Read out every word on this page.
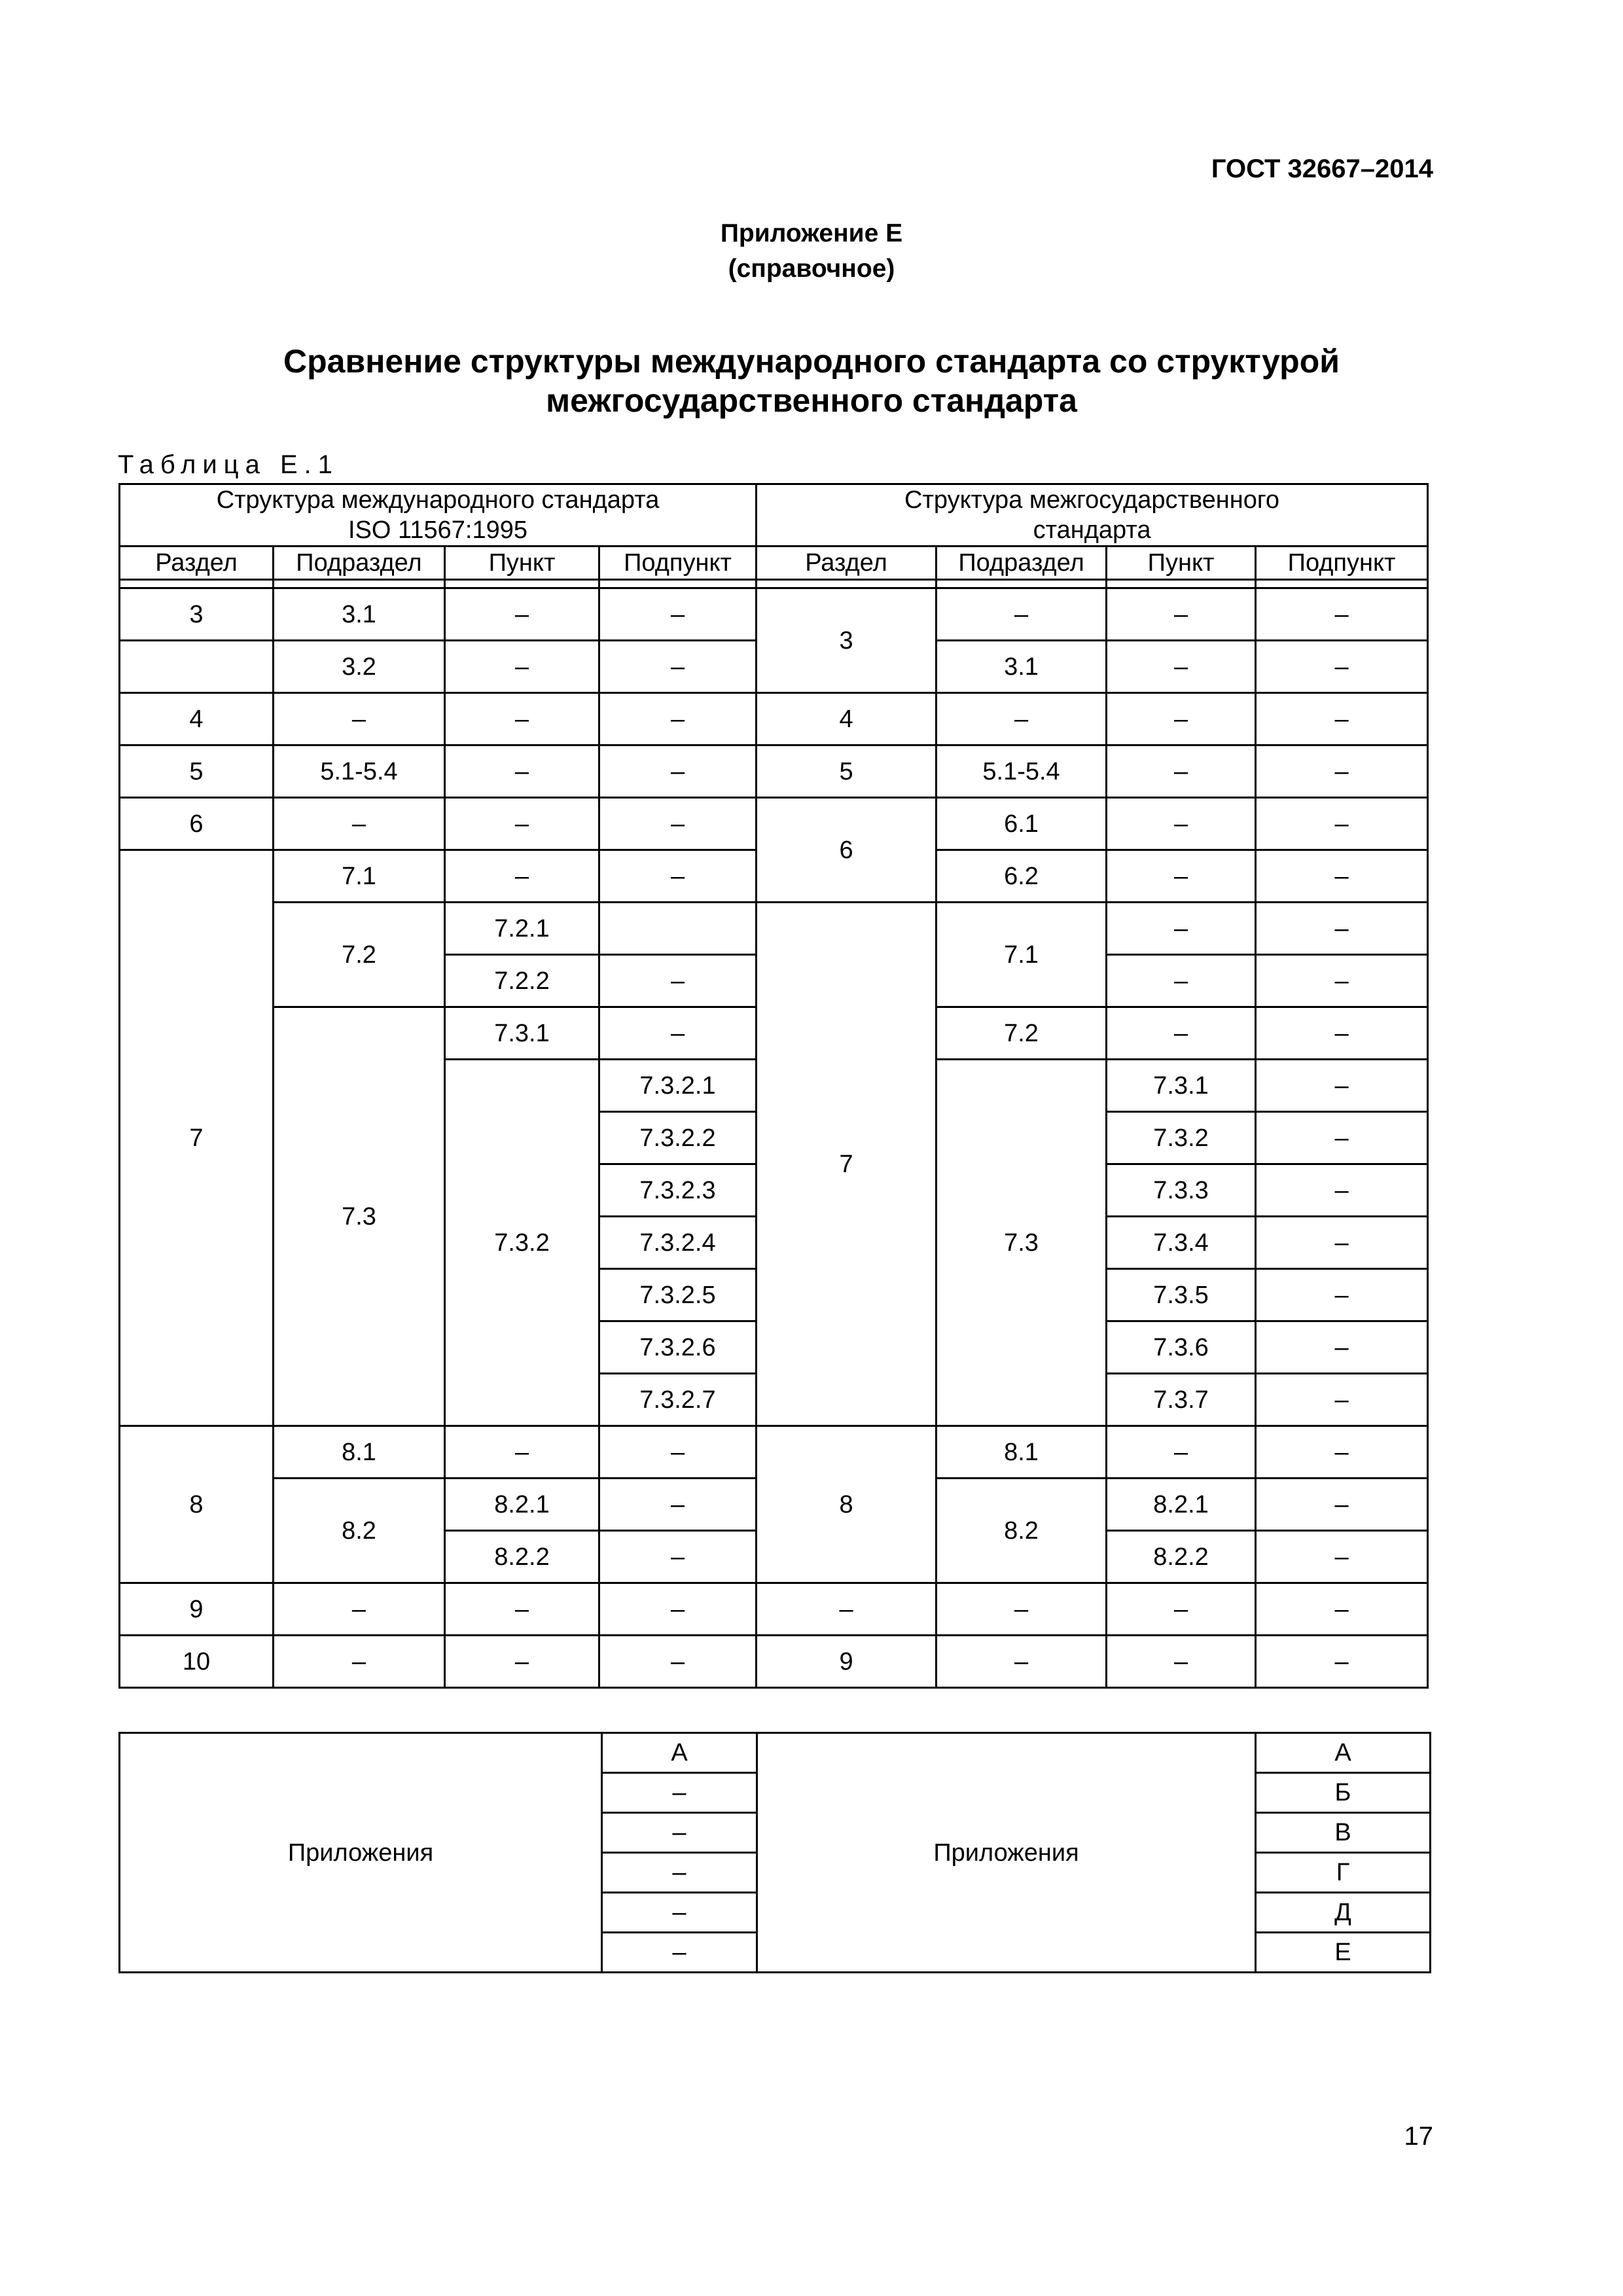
ГОСТ 32667–2014
Приложение Е
(справочное)
Сравнение структуры международного стандарта со структурой
межгосударственного стандарта
Таблица Е.1
Структура международного стандарта ISO 11567:1995				Структура межгосударственного стандарта			
Раздел	Подраздел	Пункт	Подпункт	Раздел	Подраздел	Пункт	Подпункт

3	3.1	–	–	3	–	–	–
	3.2	–	–		3.1	–	–
4	–	–	–	4	–	–	–
5	5.1-5.4	–	–	5	5.1-5.4	–	–
6	–	–	–	6	6.1	–	–
7	7.1	–	–		6.2	–	–
	7.2	7.2.1		7	7.1	–	–
		7.2.2	–			–	–
	7.3	7.3.1	–		7.2	–	–
		7.3.2	7.3.2.1		7.3	7.3.1	–
			7.3.2.2			7.3.2	–
			7.3.2.3			7.3.3	–
			7.3.2.4			7.3.4	–
			7.3.2.5			7.3.5	–
			7.3.2.6			7.3.6	–
			7.3.2.7			7.3.7	–
8	8.1	–	–	8	8.1	–	–
	8.2	8.2.1	–		8.2	8.2.1	–
		8.2.2	–			8.2.2	–
9	–	–	–	–	–	–	–
10	–	–	–	9	–	–	–
Приложения	А	Приложения	А
	–		Б
	–		В
	–		Г
	–		Д
	–		Е
17
